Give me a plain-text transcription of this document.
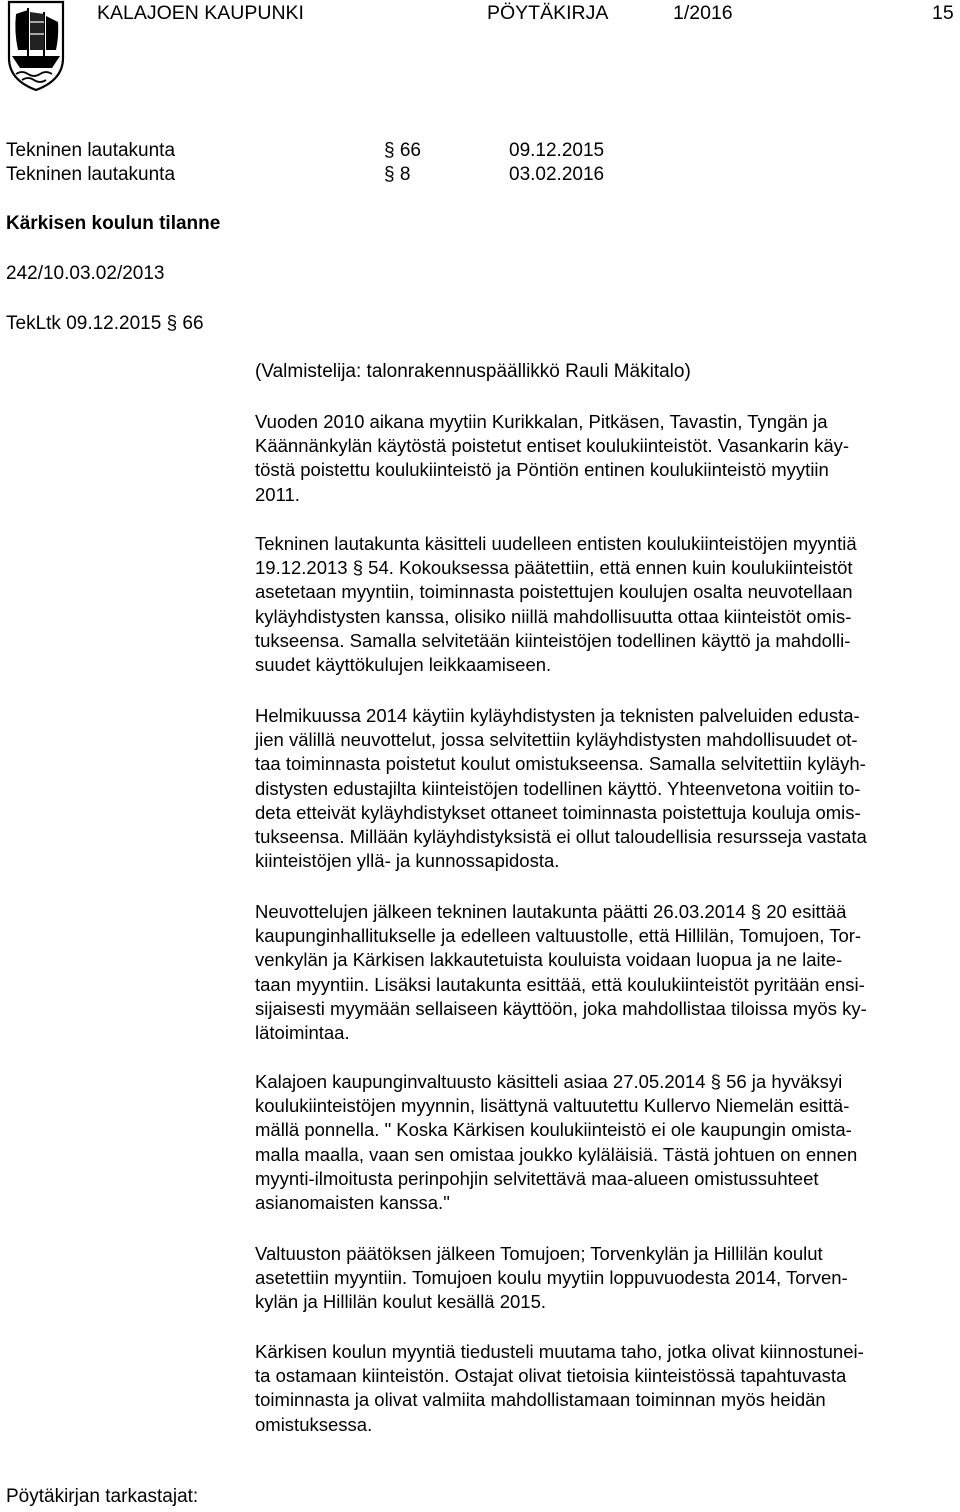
KALAJOEN KAUPUNKI	PÖYTÄKIRJA	1/2016	15
Tekninen lautakunta	§ 66	09.12.2015
Tekninen lautakunta	§ 8	03.02.2016
Kärkisen koulun tilanne
242/10.03.02/2013
TekLtk 09.12.2015 § 66
(Valmistelija: talonrakennuspäällikkö Rauli Mäkitalo)
Vuoden 2010 aikana myytiin Kurikkalan, Pitkäsen, Tavastin, Tyngän ja
Käännänkylän käytöstä poistetut entiset koulukiinteistöt. Vasankarin käy-
töstä poistettu koulukiinteistö ja Pöntiön entinen koulukiinteistö myytiin
2011.
Tekninen lautakunta käsitteli uudelleen entisten koulukiinteistöjen myyntiä
19.12.2013 § 54. Kokouksessa päätettiin, että ennen kuin koulukiinteistöt
asetetaan myyntiin, toiminnasta poistettujen koulujen osalta neuvotellaan
kyläyhdistysten kanssa, olisiko niillä mahdollisuutta ottaa kiinteistöt omis-
tukseensa. Samalla selvitetään kiinteistöjen todellinen käyttö ja mahdolli-
suudet käyttökulujen leikkaamiseen.
Helmikuussa 2014 käytiin kyläyhdistysten ja teknisten palveluiden edusta-
jien välillä neuvottelut, jossa selvitettiin kyläyhdistysten mahdollisuudet ot-
taa toiminnasta poistetut koulut omistukseensa. Samalla selvitettiin kyläyh-
distysten edustajilta kiinteistöjen todellinen käyttö. Yhteenvetona voitiin to-
deta etteivät kyläyhdistykset ottaneet toiminnasta poistettuja kouluja omis-
tukseensa. Millään kyläyhdistyksistä ei ollut taloudellisia resursseja vastata
kiinteistöjen yllä- ja kunnossapidosta.
Neuvottelujen jälkeen tekninen lautakunta päätti 26.03.2014 § 20 esittää
kaupunginhallitukselle ja edelleen valtuustolle, että Hillilän, Tomujoen, Tor-
venkylän ja Kärkisen lakkautetuista kouluista voidaan luopua ja ne laite-
taan myyntiin. Lisäksi lautakunta esittää, että koulukiinteistöt pyritään ensi-
sijaisesti myymään sellaiseen käyttöön, joka mahdollistaa tiloissa myös ky-
lätoimintaa.
Kalajoen kaupunginvaltuusto käsitteli asiaa 27.05.2014 § 56 ja hyväksyi
koulukiinteistöjen myynnin, lisättynä valtuutettu Kullervo Niemelän esittä-
mällä ponnella. " Koska Kärkisen koulukiinteistö ei ole kaupungin omista-
malla maalla, vaan sen omistaa joukko kyläläisiä. Tästä johtuen on ennen
myynti-ilmoitusta perinpohjin selvitettävä maa-alueen omistussuhteet
asianomaisten kanssa."
Valtuuston päätöksen jälkeen Tomujoen; Torvenkylän ja Hillilän koulut
asetettiin myyntiin. Tomujoen koulu myytiin loppuvuodesta 2014, Torven-
kylän ja Hillilän koulut kesällä 2015.
Kärkisen koulun myyntiä tiedusteli muutama taho, jotka olivat kiinnostunei-
ta ostamaan kiinteistön. Ostajat olivat tietoisia kiinteistössä tapahtuvasta
toiminnasta ja olivat valmiita mahdollistamaan toiminnan myös heidän
omistuksessa.
Pöytäkirjan tarkastajat:
